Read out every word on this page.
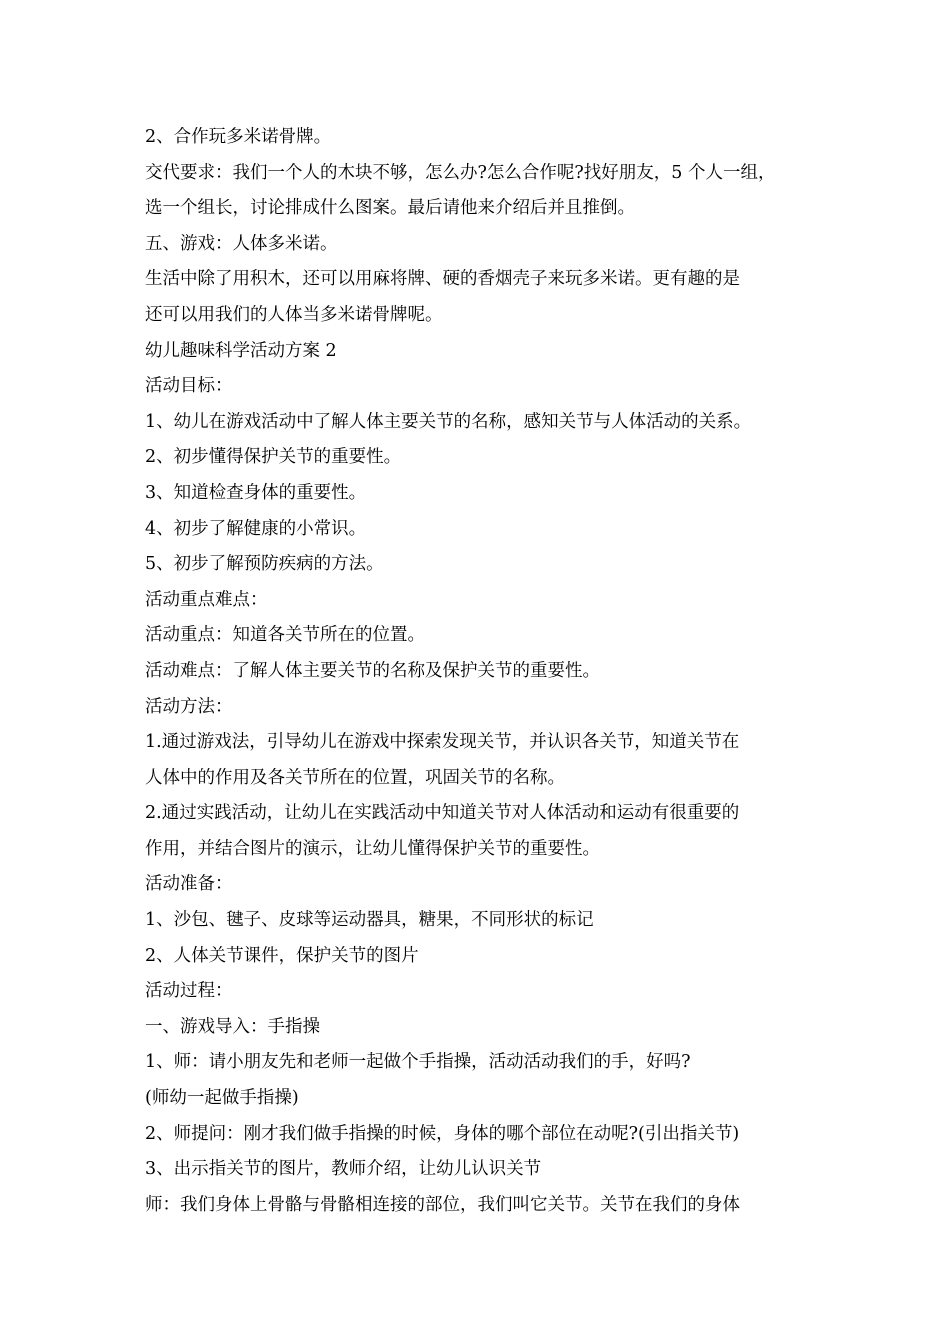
2、合作玩多米诺骨牌。
交代要求：我们一个人的木块不够，怎么办?怎么合作呢?找好朋友，5 个人一组，
选一个组长，讨论排成什么图案。最后请他来介绍后并且推倒。
五、游戏：人体多米诺。
生活中除了用积木，还可以用麻将牌、硬的香烟壳子来玩多米诺。更有趣的是
还可以用我们的人体当多米诺骨牌呢。
幼儿趣味科学活动方案 2
活动目标：
1、幼儿在游戏活动中了解人体主要关节的名称，感知关节与人体活动的关系。
2、初步懂得保护关节的重要性。
3、知道检查身体的重要性。
4、初步了解健康的小常识。
5、初步了解预防疾病的方法。
活动重点难点：
活动重点：知道各关节所在的位置。
活动难点：了解人体主要关节的名称及保护关节的重要性。
活动方法：
1.通过游戏法，引导幼儿在游戏中探索发现关节，并认识各关节，知道关节在
人体中的作用及各关节所在的位置，巩固关节的名称。
2.通过实践活动，让幼儿在实践活动中知道关节对人体活动和运动有很重要的
作用，并结合图片的演示，让幼儿懂得保护关节的重要性。
活动准备：
1、沙包、毽子、皮球等运动器具，糖果，不同形状的标记
2、人体关节课件，保护关节的图片
活动过程：
一、游戏导入：手指操
1、师：请小朋友先和老师一起做个手指操，活动活动我们的手，好吗?
(师幼一起做手指操)
2、师提问：刚才我们做手指操的时候，身体的哪个部位在动呢?(引出指关节)
3、出示指关节的图片，教师介绍，让幼儿认识关节
师：我们身体上骨骼与骨骼相连接的部位，我们叫它关节。关节在我们的身体
